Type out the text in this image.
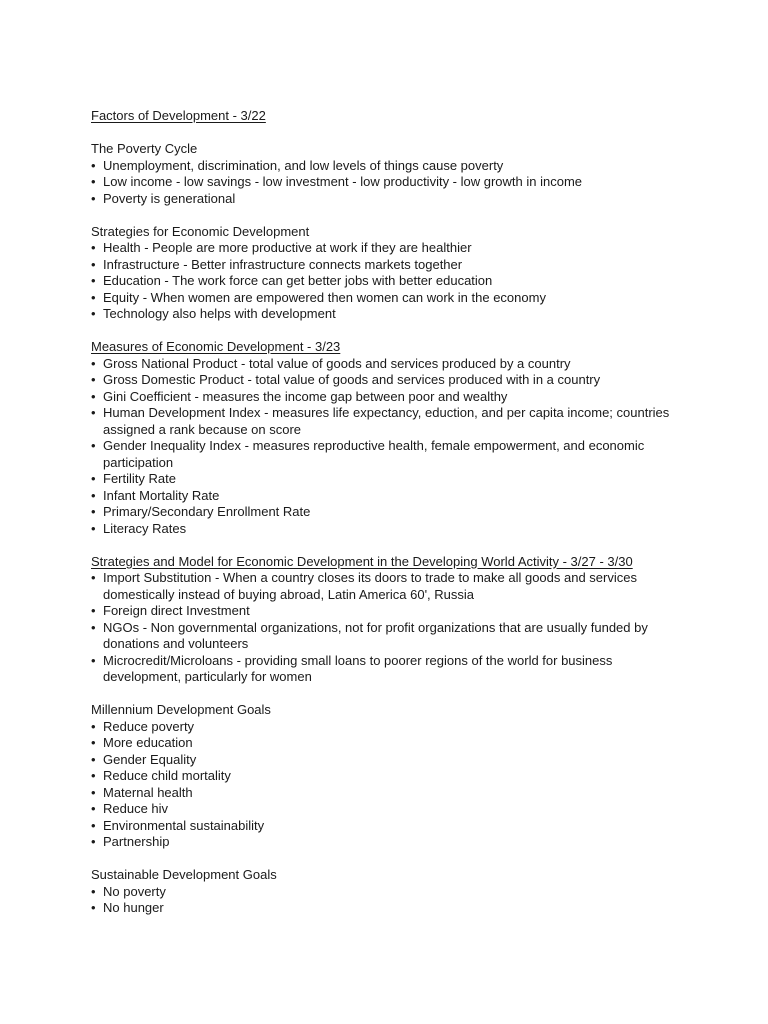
Factors of Development - 3/22
The Poverty Cycle
• Unemployment, discrimination, and low levels of things cause poverty
• Low income - low savings - low investment - low productivity - low growth in income
• Poverty is generational
Strategies for Economic Development
• Health - People are more productive at work if they are healthier
• Infrastructure - Better infrastructure connects markets together
• Education - The work force can get better jobs with better education
• Equity - When women are empowered then women can work in the economy
• Technology also helps with development
Measures of Economic Development - 3/23
• Gross National Product - total value of goods and services produced by a country
• Gross Domestic Product - total value of goods and services produced with in a country
• Gini Coefficient - measures the income gap between poor and wealthy
• Human Development Index - measures life expectancy, eduction, and per capita income; countries assigned a rank because on score
• Gender Inequality Index - measures reproductive health, female empowerment, and economic participation
• Fertility Rate
• Infant Mortality Rate
• Primary/Secondary Enrollment Rate
• Literacy Rates
Strategies and Model for Economic Development in the Developing World Activity - 3/27 - 3/30
• Import Substitution - When a country closes its doors to trade to make all goods and services domestically instead of buying abroad, Latin America 60', Russia
• Foreign direct Investment
• NGOs - Non governmental organizations, not for profit organizations that are usually funded by donations and volunteers
• Microcredit/Microloans - providing small loans to poorer regions of the world for business development, particularly for women
Millennium Development Goals
• Reduce poverty
• More education
• Gender Equality
• Reduce child mortality
• Maternal health
• Reduce hiv
• Environmental sustainability
• Partnership
Sustainable Development Goals
• No poverty
• No hunger
